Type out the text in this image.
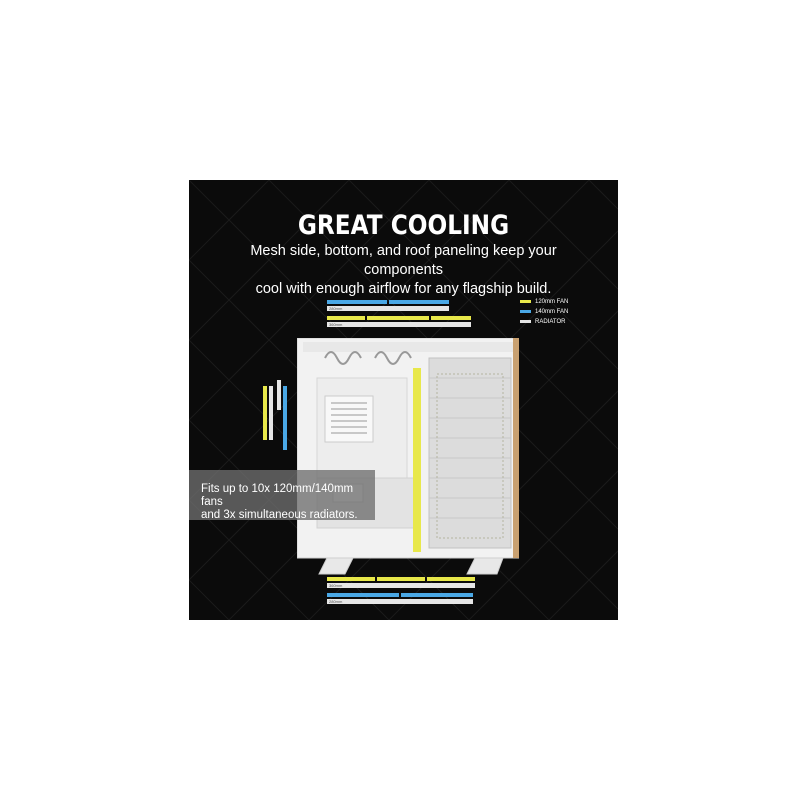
GREAT COOLING
Mesh side, bottom, and roof paneling keep your components
cool with enough airflow for any flagship build.
120mm FAN
140mm FAN
RADIATOR
280mm
360mm
360mm
280mm
Fits up to 10x 120mm/140mm fans
and 3x simultaneous radiators.
